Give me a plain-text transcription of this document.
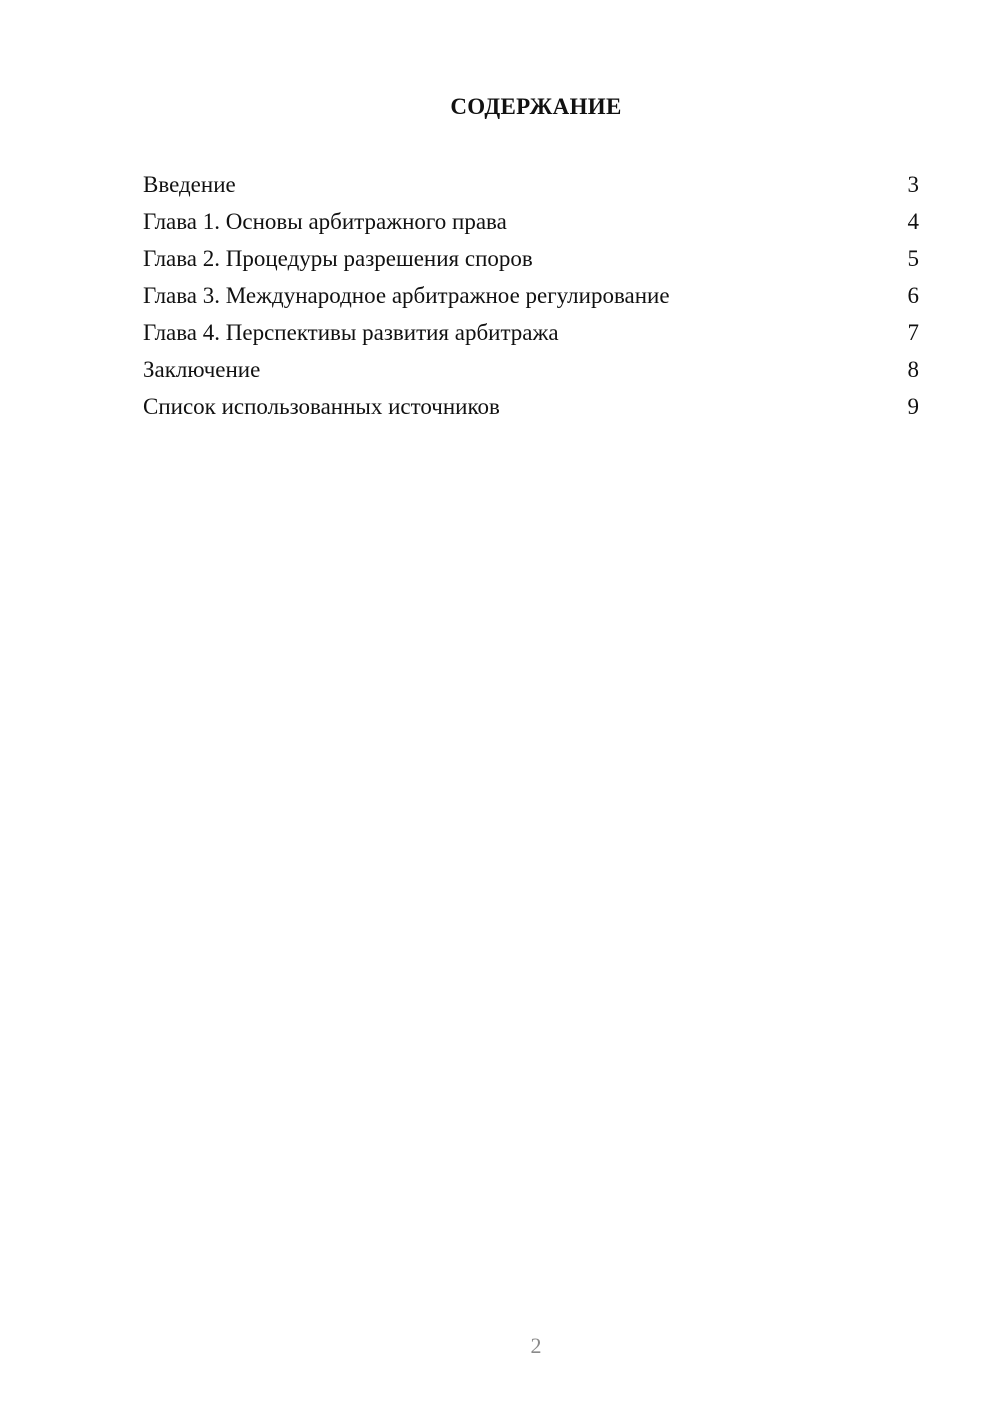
СОДЕРЖАНИЕ
Введение	3
Глава 1. Основы арбитражного права	4
Глава 2. Процедуры разрешения споров	5
Глава 3. Международное арбитражное регулирование	6
Глава 4. Перспективы развития арбитража	7
Заключение	8
Список использованных источников	9
2
